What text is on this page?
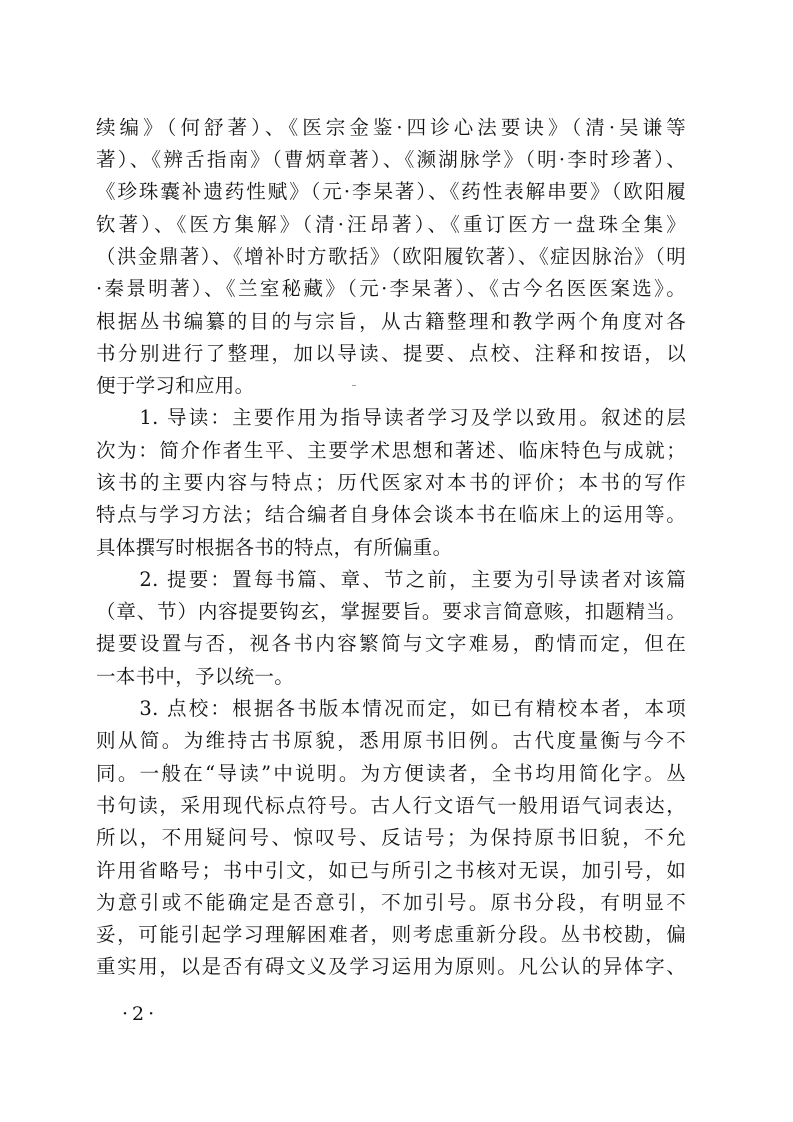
续编》（何舒著）、《医宗金鉴·四诊心法要诀》（清·吴谦等
著）、《辨舌指南》（曹炳章著）、《濒湖脉学》（明·李时珍著）、
《珍珠囊补遗药性赋》（元·李杲著）、《药性表解串要》（欧阳履
钦著）、《医方集解》（清·汪昂著）、《重订医方一盘珠全集》
（洪金鼎著）、《增补时方歌括》（欧阳履钦著）、《症因脉治》（明
·秦景明著）、《兰室秘藏》（元·李杲著）、《古今名医医案选》。
根据丛书编纂的目的与宗旨，从古籍整理和教学两个角度对各
书分别进行了整理，加以导读、提要、点校、注释和按语，以
便于学习和应用。
　　1. 导读：主要作用为指导读者学习及学以致用。叙述的层
次为：简介作者生平、主要学术思想和著述、临床特色与成就；
该书的主要内容与特点；历代医家对本书的评价；本书的写作
特点与学习方法；结合编者自身体会谈本书在临床上的运用等。
具体撰写时根据各书的特点，有所偏重。
　　2. 提要：置每书篇、章、节之前，主要为引导读者对该篇
（章、节）内容提要钩玄，掌握要旨。要求言简意赅，扣题精当。
提要设置与否，视各书内容繁简与文字难易，酌情而定，但在
一本书中，予以统一。
　　3. 点校：根据各书版本情况而定，如已有精校本者，本项
则从简。为维持古书原貌，悉用原书旧例。古代度量衡与今不
同。一般在“导读”中说明。为方便读者，全书均用简化字。丛
书句读，采用现代标点符号。古人行文语气一般用语气词表达，
所以，不用疑问号、惊叹号、反诘号；为保持原书旧貌，不允
许用省略号；书中引文，如已与所引之书核对无误，加引号，如
为意引或不能确定是否意引，不加引号。原书分段，有明显不
妥，可能引起学习理解困难者，则考虑重新分段。丛书校勘，偏
重实用，以是否有碍文义及学习运用为原则。凡公认的异体字、
·2·
